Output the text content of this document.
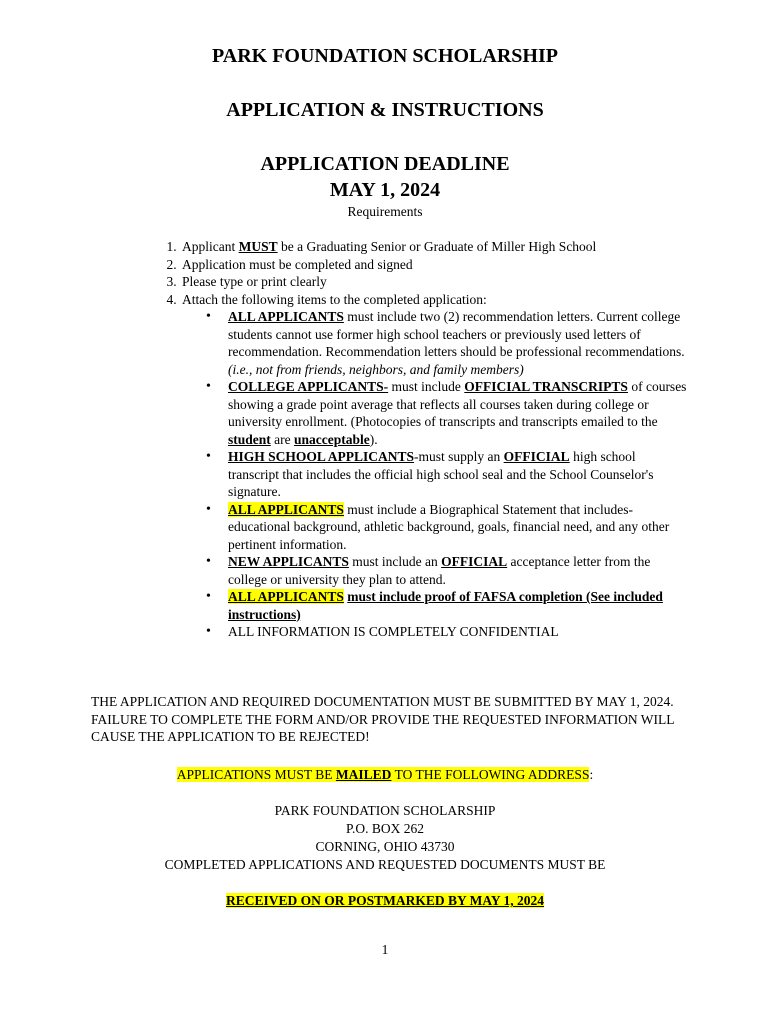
PARK FOUNDATION SCHOLARSHIP
APPLICATION & INSTRUCTIONS
APPLICATION DEADLINE
MAY 1, 2024
Requirements
1. Applicant MUST be a Graduating Senior or Graduate of Miller High School
2. Application must be completed and signed
3. Please type or print clearly
4. Attach the following items to the completed application:
• ALL APPLICANTS must include two (2) recommendation letters. Current college students cannot use former high school teachers or previously used letters of recommendation. Recommendation letters should be professional recommendations. (i.e., not from friends, neighbors, and family members)
• COLLEGE APPLICANTS- must include OFFICIAL TRANSCRIPTS of courses showing a grade point average that reflects all courses taken during college or university enrollment. (Photocopies of transcripts and transcripts emailed to the student are unacceptable).
• HIGH SCHOOL APPLICANTS-must supply an OFFICIAL high school transcript that includes the official high school seal and the School Counselor's signature.
• ALL APPLICANTS must include a Biographical Statement that includes- educational background, athletic background, goals, financial need, and any other pertinent information.
• NEW APPLICANTS must include an OFFICIAL acceptance letter from the college or university they plan to attend.
• ALL APPLICANTS must include proof of FAFSA completion (See included instructions)
• ALL INFORMATION IS COMPLETELY CONFIDENTIAL
THE APPLICATION AND REQUIRED DOCUMENTATION MUST BE SUBMITTED BY MAY 1, 2024. FAILURE TO COMPLETE THE FORM AND/OR PROVIDE THE REQUESTED INFORMATION WILL CAUSE THE APPLICATION TO BE REJECTED!
APPLICATIONS MUST BE MAILED TO THE FOLLOWING ADDRESS:
PARK FOUNDATION SCHOLARSHIP
P.O. BOX 262
CORNING, OHIO 43730
COMPLETED APPLICATIONS AND REQUESTED DOCUMENTS MUST BE
RECEIVED ON OR POSTMARKED BY MAY 1, 2024
1
